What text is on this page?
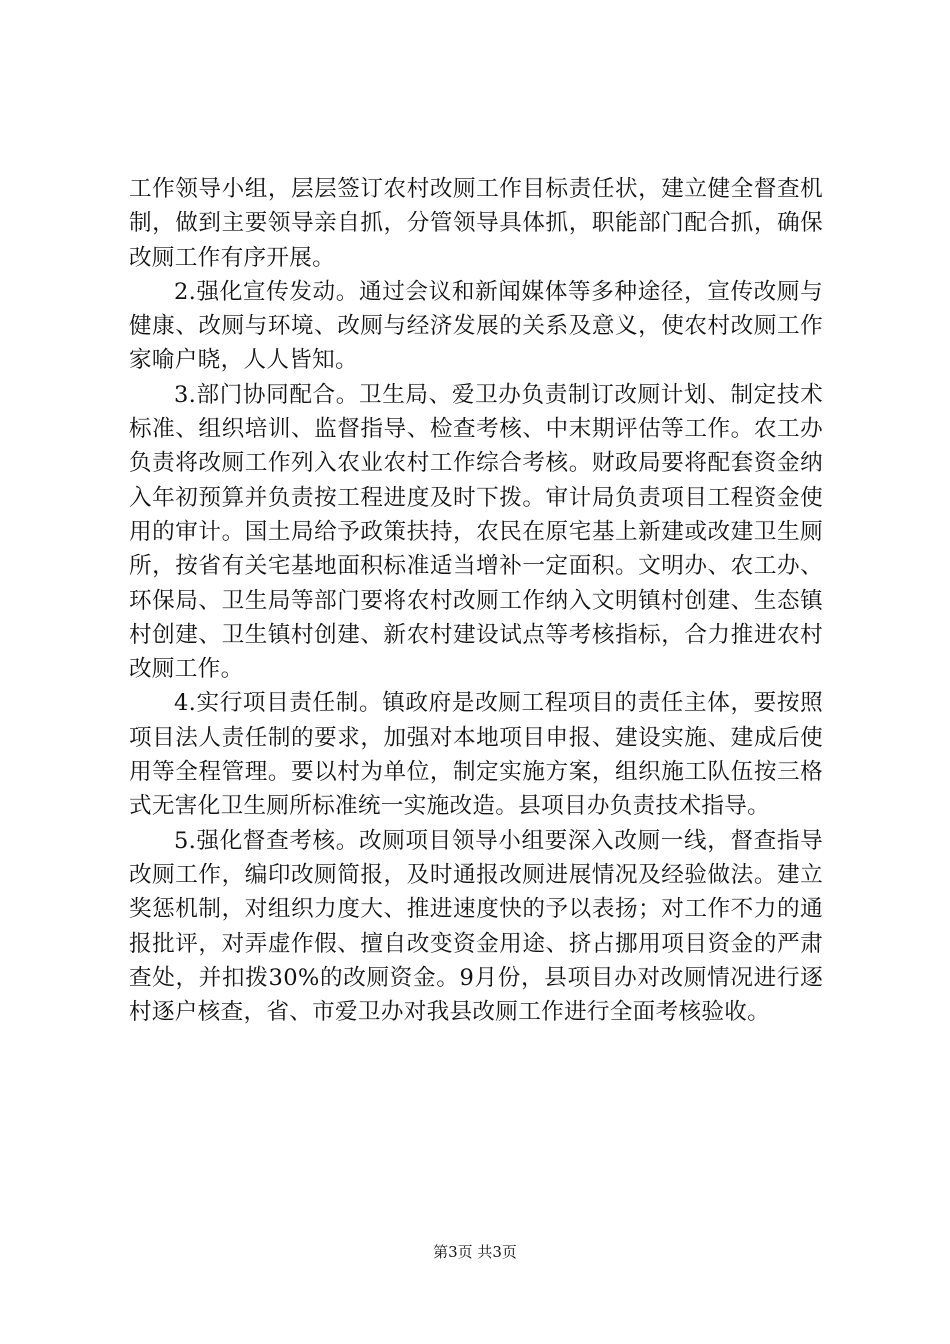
工作领导小组，层层签订农村改厕工作目标责任状，建立健全督查机制，做到主要领导亲自抓，分管领导具体抓，职能部门配合抓，确保改厕工作有序开展。

2.强化宣传发动。通过会议和新闻媒体等多种途径，宣传改厕与健康、改厕与环境、改厕与经济发展的关系及意义，使农村改厕工作家喻户晓，人人皆知。

3.部门协同配合。卫生局、爱卫办负责制订改厕计划、制定技术标准、组织培训、监督指导、检查考核、中末期评估等工作。农工办负责将改厕工作列入农业农村工作综合考核。财政局要将配套资金纳入年初预算并负责按工程进度及时下拨。审计局负责项目工程资金使用的审计。国土局给予政策扶持，农民在原宅基上新建或改建卫生厕所，按省有关宅基地面积标准适当增补一定面积。文明办、农工办、环保局、卫生局等部门要将农村改厕工作纳入文明镇村创建、生态镇村创建、卫生镇村创建、新农村建设试点等考核指标，合力推进农村改厕工作。

4.实行项目责任制。镇政府是改厕工程项目的责任主体，要按照项目法人责任制的要求，加强对本地项目申报、建设实施、建成后使用等全程管理。要以村为单位，制定实施方案，组织施工队伍按三格式无害化卫生厕所标准统一实施改造。县项目办负责技术指导。

5.强化督查考核。改厕项目领导小组要深入改厕一线，督查指导改厕工作，编印改厕简报，及时通报改厕进展情况及经验做法。建立奖惩机制，对组织力度大、推进速度快的予以表扬；对工作不力的通报批评，对弄虚作假、擅自改变资金用途、挤占挪用项目资金的严肃查处，并扣拨30%的改厕资金。9月份，县项目办对改厕情况进行逐村逐户核查，省、市爱卫办对我县改厕工作进行全面考核验收。

第3页 共3页
